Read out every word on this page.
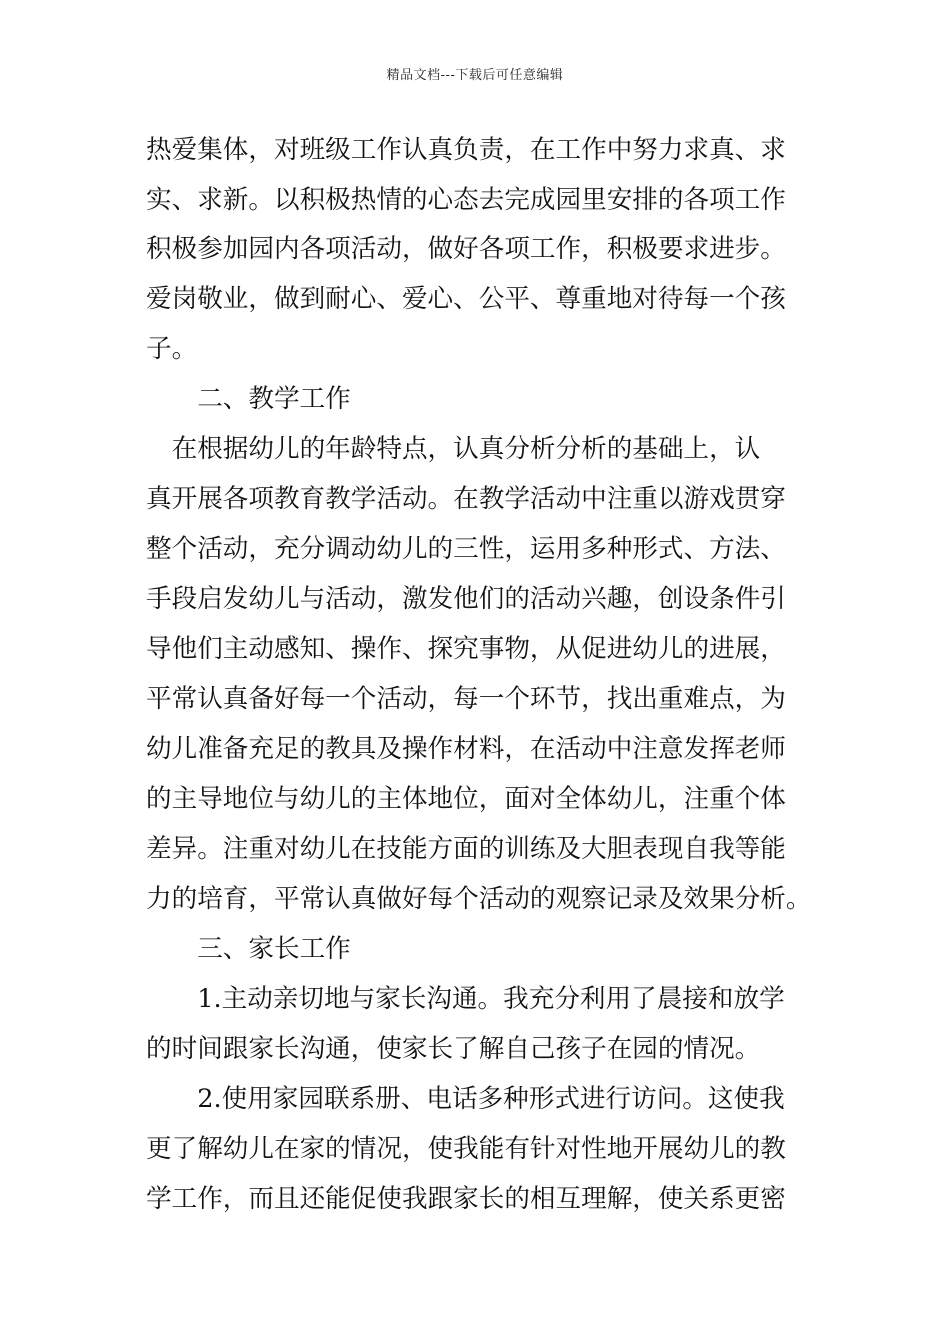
精品文档---下载后可任意编辑
热爱集体，对班级工作认真负责，在工作中努力求真、求
实、求新。以积极热情的心态去完成园里安排的各项工作
积极参加园内各项活动，做好各项工作，积极要求进步。
爱岗敬业，做到耐心、爱心、公平、尊重地对待每一个孩
子。
　　二、教学工作
　在根据幼儿的年龄特点，认真分析分析的基础上，认
真开展各项教育教学活动。在教学活动中注重以游戏贯穿
整个活动，充分调动幼儿的三性，运用多种形式、方法、
手段启发幼儿与活动，激发他们的活动兴趣，创设条件引
导他们主动感知、操作、探究事物，从促进幼儿的进展，
平常认真备好每一个活动，每一个环节，找出重难点，为
幼儿准备充足的教具及操作材料，在活动中注意发挥老师
的主导地位与幼儿的主体地位，面对全体幼儿，注重个体
差异。注重对幼儿在技能方面的训练及大胆表现自我等能
力的培育，平常认真做好每个活动的观察记录及效果分析。
　　三、家长工作
　　1.主动亲切地与家长沟通。我充分利用了晨接和放学
的时间跟家长沟通，使家长了解自己孩子在园的情况。
　　2.使用家园联系册、电话多种形式进行访问。这使我
更了解幼儿在家的情况，使我能有针对性地开展幼儿的教
学工作，而且还能促使我跟家长的相互理解，使关系更密
